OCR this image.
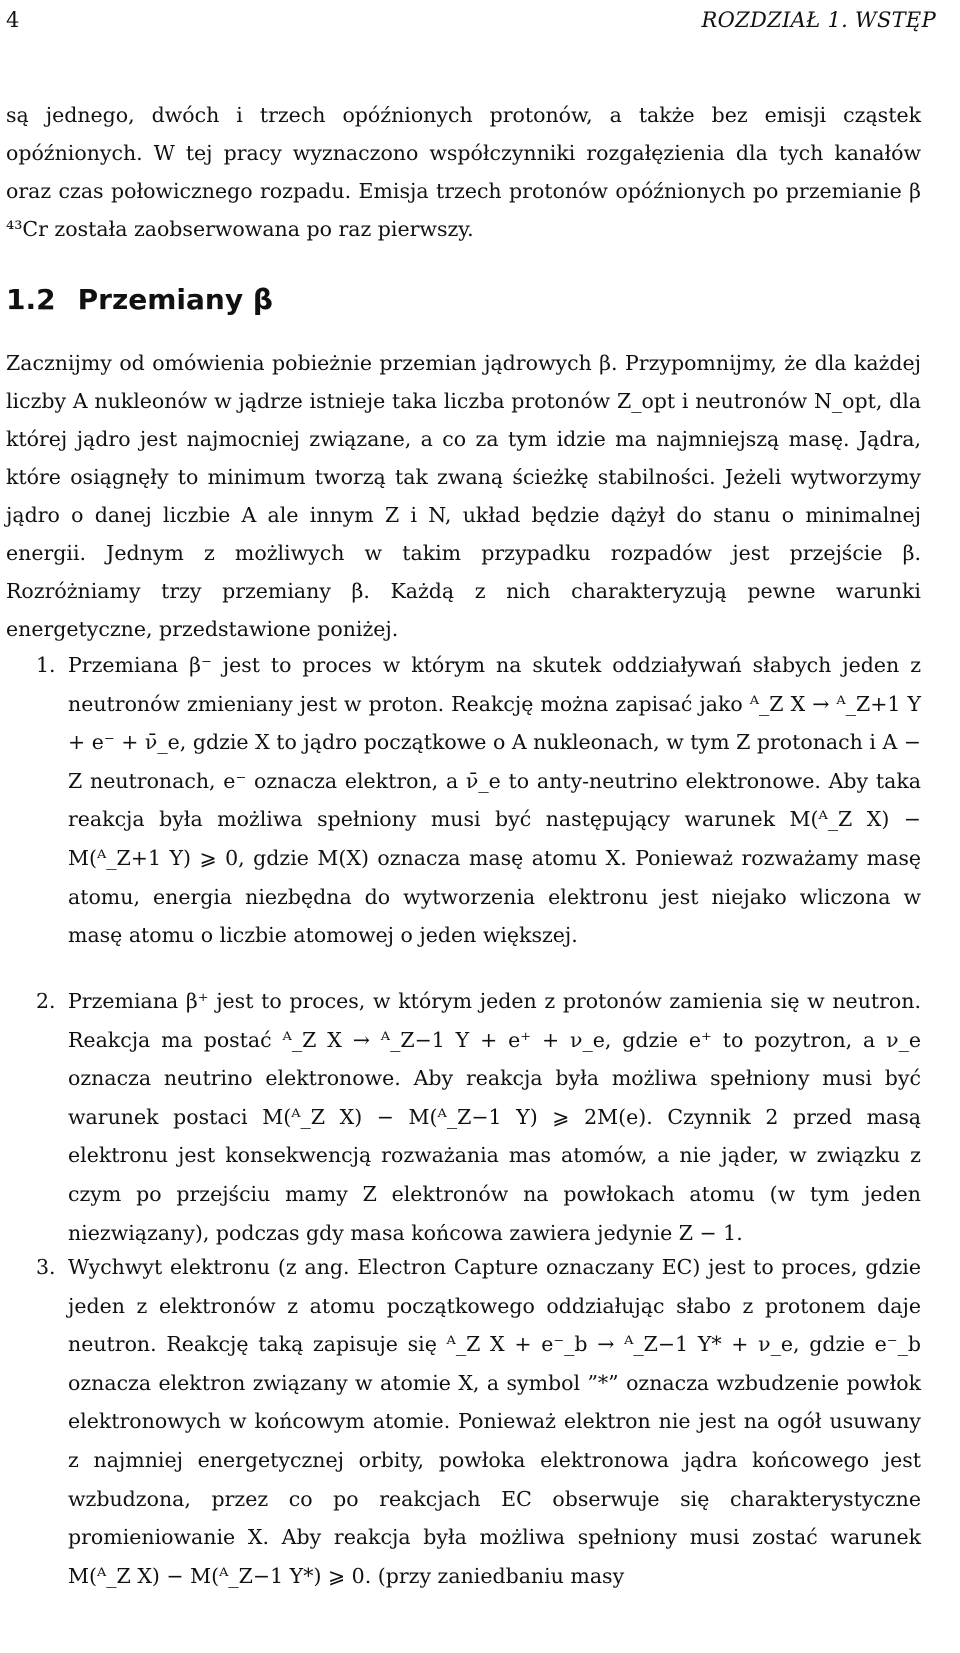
4	ROZDZIAŁ 1. WSTĘP
są jednego, dwóch i trzech opóźnionych protonów, a także bez emisji cząstek opóźnionych. W tej pracy wyznaczono współczynniki rozgałęzienia dla tych kanałów oraz czas połowicznego rozpadu. Emisja trzech protonów opóźnionych po przemianie β ⁴³Cr została zaobserwowana po raz pierwszy.
1.2 Przemiany β
Zacznijmy od omówienia pobieżnie przemian jądrowych β. Przypomnijmy, że dla każdej liczby A nukleonów w jądrze istnieje taka liczba protonów Z_opt i neutronów N_opt, dla której jądro jest najmocniej związane, a co za tym idzie ma najmniejszą masę. Jądra, które osiągnęły to minimum tworzą tak zwaną ścieżkę stabilności. Jeżeli wytworzymy jądro o danej liczbie A ale innym Z i N, układ będzie dążył do stanu o minimalnej energii. Jednym z możliwych w takim przypadku rozpadów jest przejście β. Rozróżniamy trzy przemiany β. Każdą z nich charakteryzują pewne warunki energetyczne, przedstawione poniżej.
1. Przemiana β⁻ jest to proces w którym na skutek oddziaływań słabych jeden z neutronów zmieniany jest w proton. Reakcję można zapisać jako ᴬ_Z X → ᴬ_Z+1 Y + e⁻ + ν̄_e, gdzie X to jądro początkowe o A nukleonach, w tym Z protonach i A − Z neutronach, e⁻ oznacza elektron, a ν̄_e to anty-neutrino elektronowe. Aby taka reakcja była możliwa spełniony musi być następujący warunek M(ᴬ_Z X) − M(ᴬ_Z+1 Y) ⩾ 0, gdzie M(X) oznacza masę atomu X. Ponieważ rozważamy masę atomu, energia niezbędna do wytworzenia elektronu jest niejako wliczona w masę atomu o liczbie atomowej o jeden większej.
2. Przemiana β⁺ jest to proces, w którym jeden z protonów zamienia się w neutron. Reakcja ma postać ᴬ_Z X → ᴬ_Z−1 Y + e⁺ + ν_e, gdzie e⁺ to pozytron, a ν_e oznacza neutrino elektronowe. Aby reakcja była możliwa spełniony musi być warunek postaci M(ᴬ_Z X) − M(ᴬ_Z−1 Y) ⩾ 2M(e). Czynnik 2 przed masą elektronu jest konsekwencją rozważania mas atomów, a nie jąder, w związku z czym po przejściu mamy Z elektronów na powłokach atomu (w tym jeden niezwiązany), podczas gdy masa końcowa zawiera jedynie Z − 1.
3. Wychwyt elektronu (z ang. Electron Capture oznaczany EC) jest to proces, gdzie jeden z elektronów z atomu początkowego oddziałując słabo z protonem daje neutron. Reakcję taką zapisuje się ᴬ_Z X + e⁻_b → ᴬ_Z−1 Y* + ν_e, gdzie e⁻_b oznacza elektron związany w atomie X, a symbol ”*” oznacza wzbudzenie powłok elektronowych w końcowym atomie. Ponieważ elektron nie jest na ogół usuwany z najmniej energetycznej orbity, powłoka elektronowa jądra końcowego jest wzbudzona, przez co po reakcjach EC obserwuje się charakterystyczne promieniowanie X. Aby reakcja była możliwa spełniony musi zostać warunek M(ᴬ_Z X) − M(ᴬ_Z−1 Y*) ⩾ 0. (przy zaniedbaniu masy
